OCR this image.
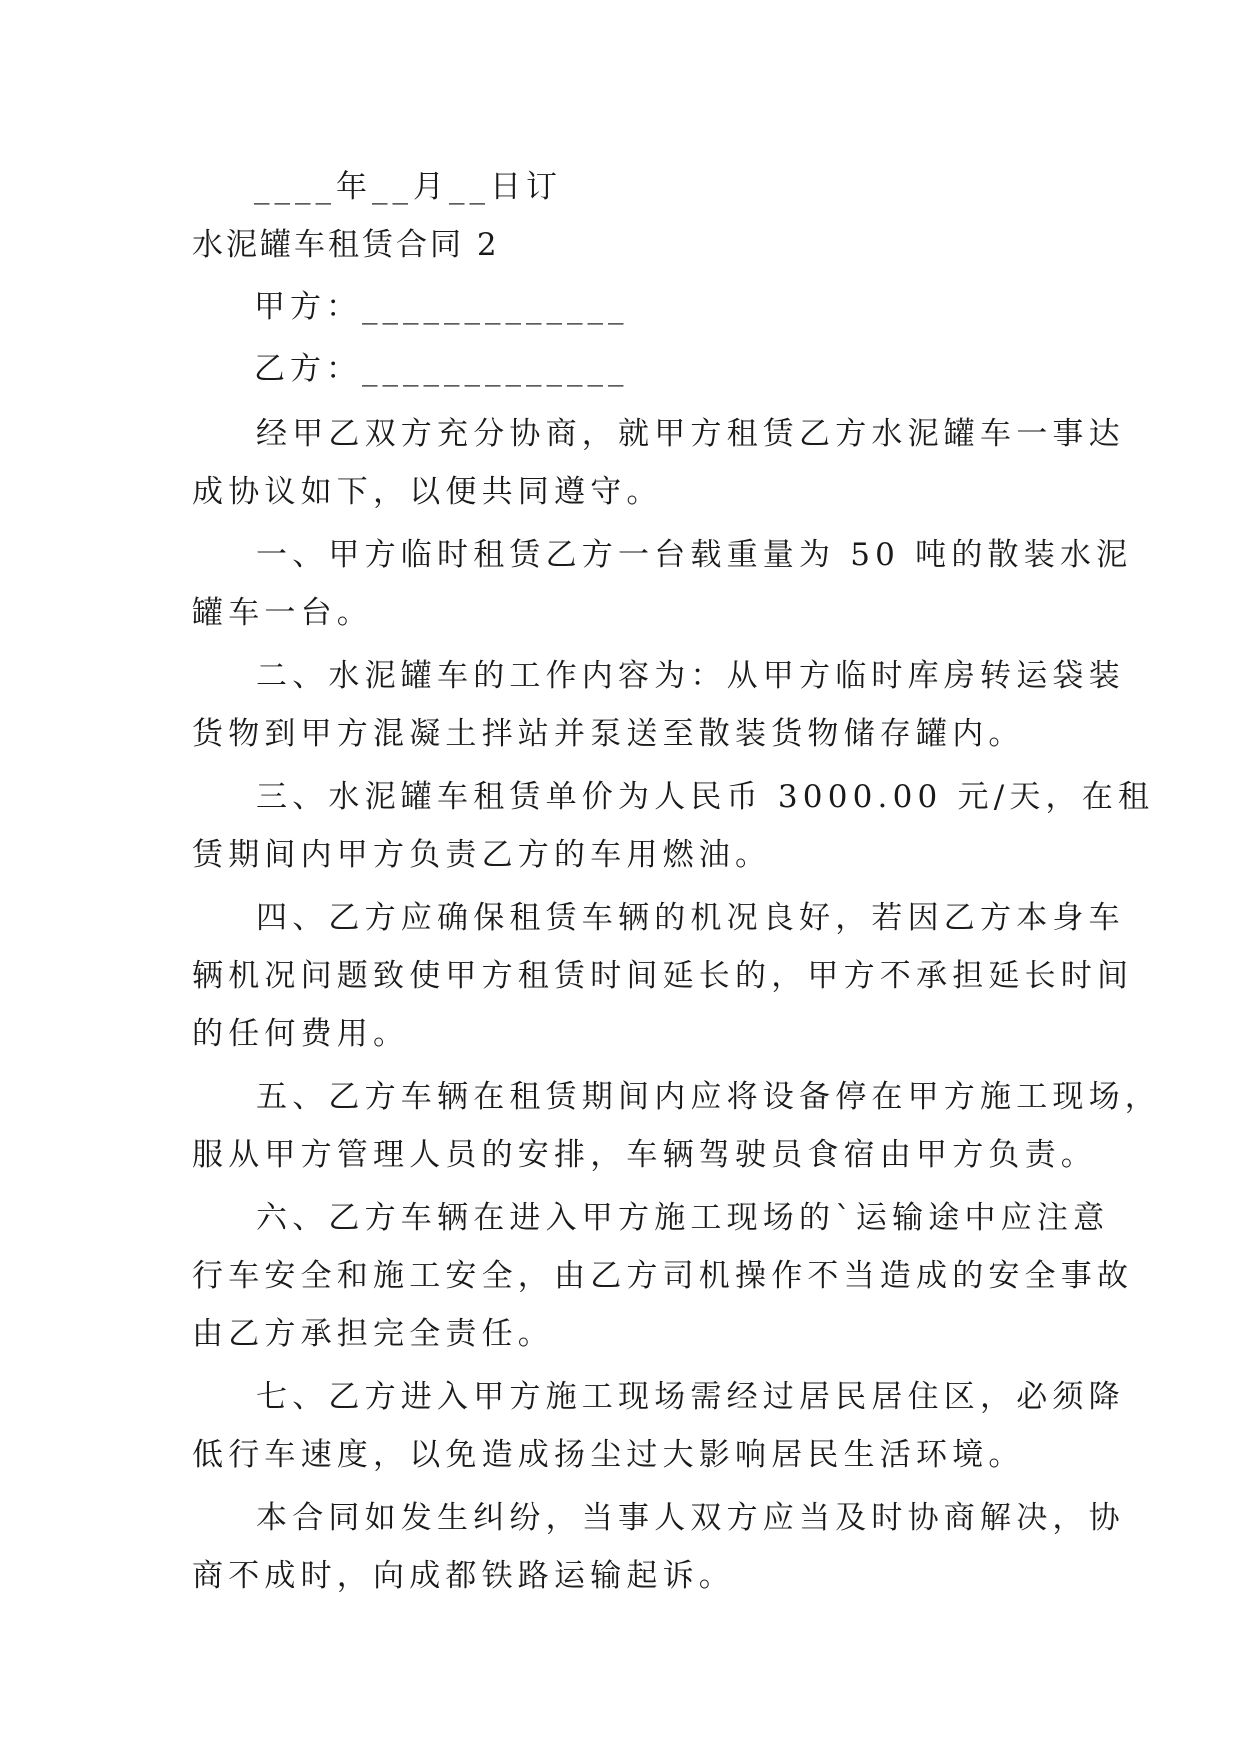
____年__月__日订
水泥罐车租赁合同 2
甲方：_____________
乙方：_____________
经甲乙双方充分协商，就甲方租赁乙方水泥罐车一事达
成协议如下，以便共同遵守。
一、甲方临时租赁乙方一台载重量为 50 吨的散装水泥
罐车一台。
二、水泥罐车的工作内容为：从甲方临时库房转运袋装
货物到甲方混凝土拌站并泵送至散装货物储存罐内。
三、水泥罐车租赁单价为人民币 3000.00 元/天，在租
赁期间内甲方负责乙方的车用燃油。
四、乙方应确保租赁车辆的机况良好，若因乙方本身车
辆机况问题致使甲方租赁时间延长的，甲方不承担延长时间
的任何费用。
五、乙方车辆在租赁期间内应将设备停在甲方施工现场，
服从甲方管理人员的安排，车辆驾驶员食宿由甲方负责。
六、乙方车辆在进入甲方施工现场的`运输途中应注意
行车安全和施工安全，由乙方司机操作不当造成的安全事故
由乙方承担完全责任。
七、乙方进入甲方施工现场需经过居民居住区，必须降
低行车速度，以免造成扬尘过大影响居民生活环境。
本合同如发生纠纷，当事人双方应当及时协商解决，协
商不成时，向成都铁路运输起诉。
